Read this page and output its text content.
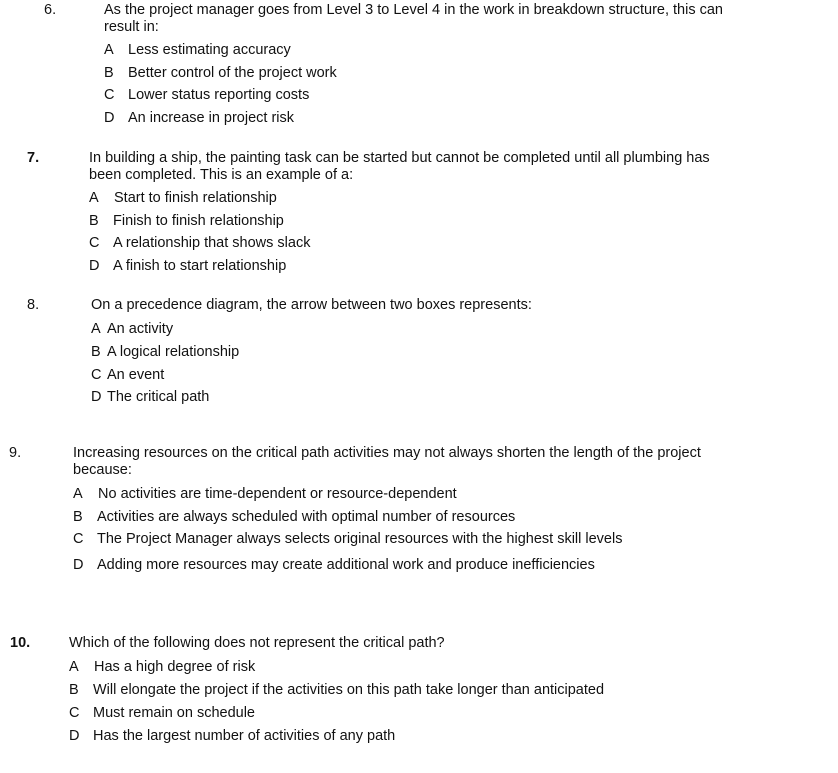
6.	As the project manager goes from Level 3 to Level 4 in the work in breakdown structure, this can result in:
A Less estimating accuracy
B Better control of the project work
C Lower status reporting costs
D An increase in project risk
7.	In building a ship, the painting task can be started but cannot be completed until all plumbing has been completed. This is an example of a:
A Start to finish relationship
B Finish to finish relationship
C A relationship that shows slack
D A finish to start relationship
8.	On a precedence diagram, the arrow between two boxes represents:
A An activity
B A logical relationship
C An event
D The critical path
9.	Increasing resources on the critical path activities may not always shorten the length of the project because:
A No activities are time-dependent or resource-dependent
B Activities are always scheduled with optimal number of resources
C The Project Manager always selects original resources with the highest skill levels
D Adding more resources may create additional work and produce inefficiencies
10.	Which of the following does not represent the critical path?
A Has a high degree of risk
B Will elongate the project if the activities on this path take longer than anticipated
C Must remain on schedule
D Has the largest number of activities of any path
